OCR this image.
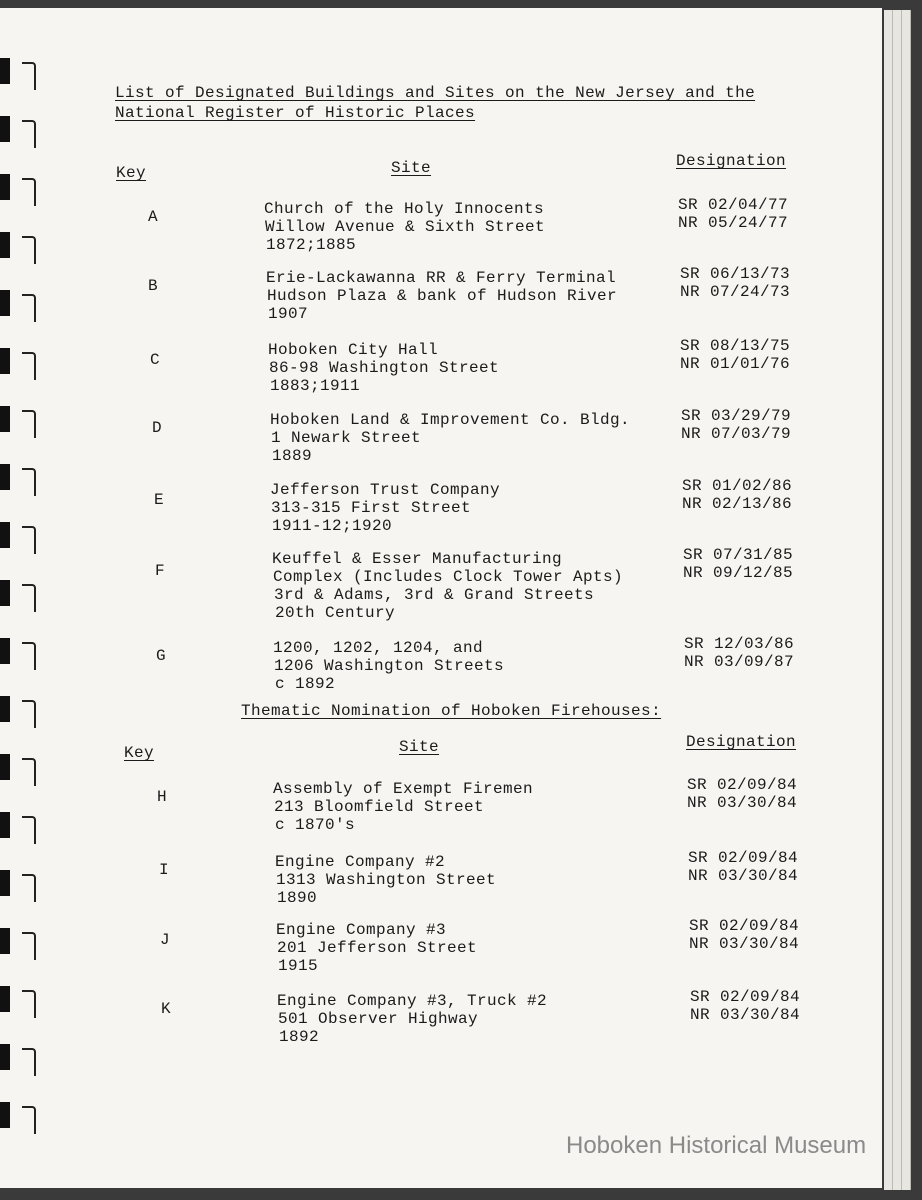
List of Designated Buildings and Sites on the New Jersey and the
National Register of Historic Places
Key	Site	Designation
A	Church of the Holy Innocents
Willow Avenue & Sixth Street
1872;1885
SR 02/04/77
NR 05/24/77
B	Erie-Lackawanna RR & Ferry Terminal
Hudson Plaza & bank of Hudson River
1907
SR 06/13/73
NR 07/24/73
C
Hoboken City Hall
86-98 Washington Street
1883;1911
SR 08/13/75
NR 01/01/76
D	Hoboken Land & Improvement Co. Bldg.
1 Newark Street
1889
SR 03/29/79
NR 07/03/79
E
Jefferson Trust Company
313-315 First Street
1911-12;1920
SR 01/02/86
NR 02/13/86
F
Keuffel & Esser Manufacturing
Complex (Includes Clock Tower Apts)
3rd & Adams, 3rd & Grand Streets
20th Century
SR 07/31/85
NR 09/12/85
G	1200, 1202, 1204, and
1206 Washington Streets
c 1892
SR 12/03/86
NR 03/09/87
Thematic Nomination of Hoboken Firehouses:
Key	Site	Designation
H	Assembly of Exempt Firemen
213 Bloomfield Street
c 1870's
SR 02/09/84
NR 03/30/84
I	Engine Company #2
1313 Washington Street
1890
SR 02/09/84
NR 03/30/84
J
Engine Company #3
201 Jefferson Street
1915
SR 02/09/84
NR 03/30/84
K	Engine Company #3, Truck #2
501 Observer Highway
1892
SR 02/09/84
NR 03/30/84
Hoboken Historical Museum
